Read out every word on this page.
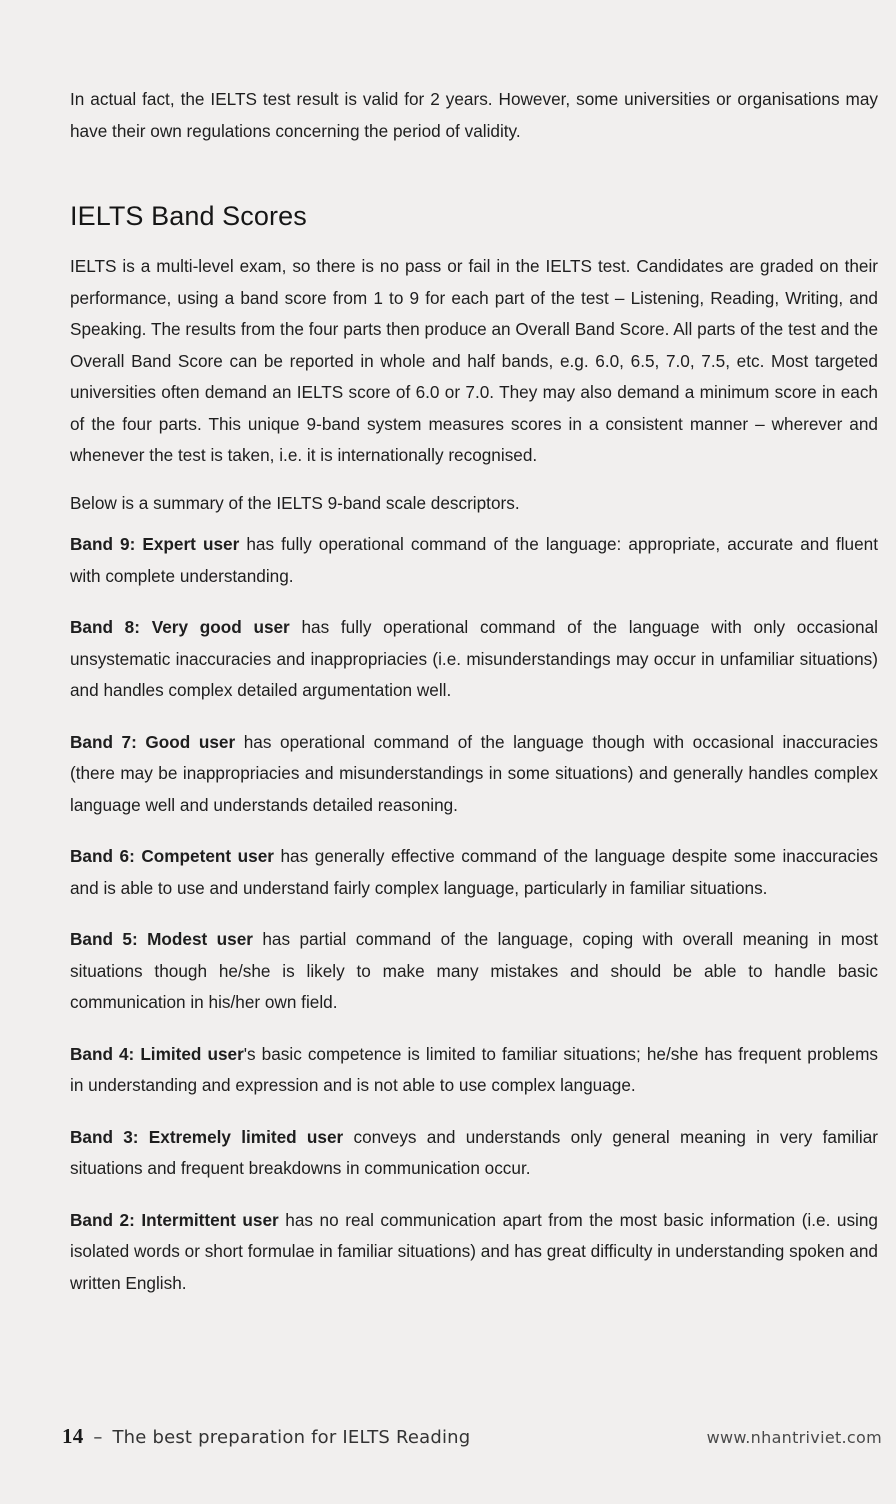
In actual fact, the IELTS test result is valid for 2 years. However, some universities or organisations may have their own regulations concerning the period of validity.

IELTS Band Scores

IELTS is a multi-level exam, so there is no pass or fail in the IELTS test. Candidates are graded on their performance, using a band score from 1 to 9 for each part of the test – Listening, Reading, Writing, and Speaking. The results from the four parts then produce an Overall Band Score. All parts of the test and the Overall Band Score can be reported in whole and half bands, e.g. 6.0, 6.5, 7.0, 7.5, etc. Most targeted universities often demand an IELTS score of 6.0 or 7.0. They may also demand a minimum score in each of the four parts. This unique 9-band system measures scores in a consistent manner – wherever and whenever the test is taken, i.e. it is internationally recognised.

Below is a summary of the IELTS 9-band scale descriptors.

Band 9: Expert user has fully operational command of the language: appropriate, accurate and fluent with complete understanding.

Band 8: Very good user has fully operational command of the language with only occasional unsystematic inaccuracies and inappropriacies (i.e. misunderstandings may occur in unfamiliar situations) and handles complex detailed argumentation well.

Band 7: Good user has operational command of the language though with occasional inaccuracies (there may be inappropriacies and misunderstandings in some situations) and generally handles complex language well and understands detailed reasoning.

Band 6: Competent user has generally effective command of the language despite some inaccuracies and is able to use and understand fairly complex language, particularly in familiar situations.

Band 5: Modest user has partial command of the language, coping with overall meaning in most situations though he/she is likely to make many mistakes and should be able to handle basic communication in his/her own field.

Band 4: Limited user's basic competence is limited to familiar situations; he/she has frequent problems in understanding and expression and is not able to use complex language.

Band 3: Extremely limited user conveys and understands only general meaning in very familiar situations and frequent breakdowns in communication occur.

Band 2: Intermittent user has no real communication apart from the most basic information (i.e. using isolated words or short formulae in familiar situations) and has great difficulty in understanding spoken and written English.

14 – The best preparation for IELTS Reading	www.nhantriviet.com
